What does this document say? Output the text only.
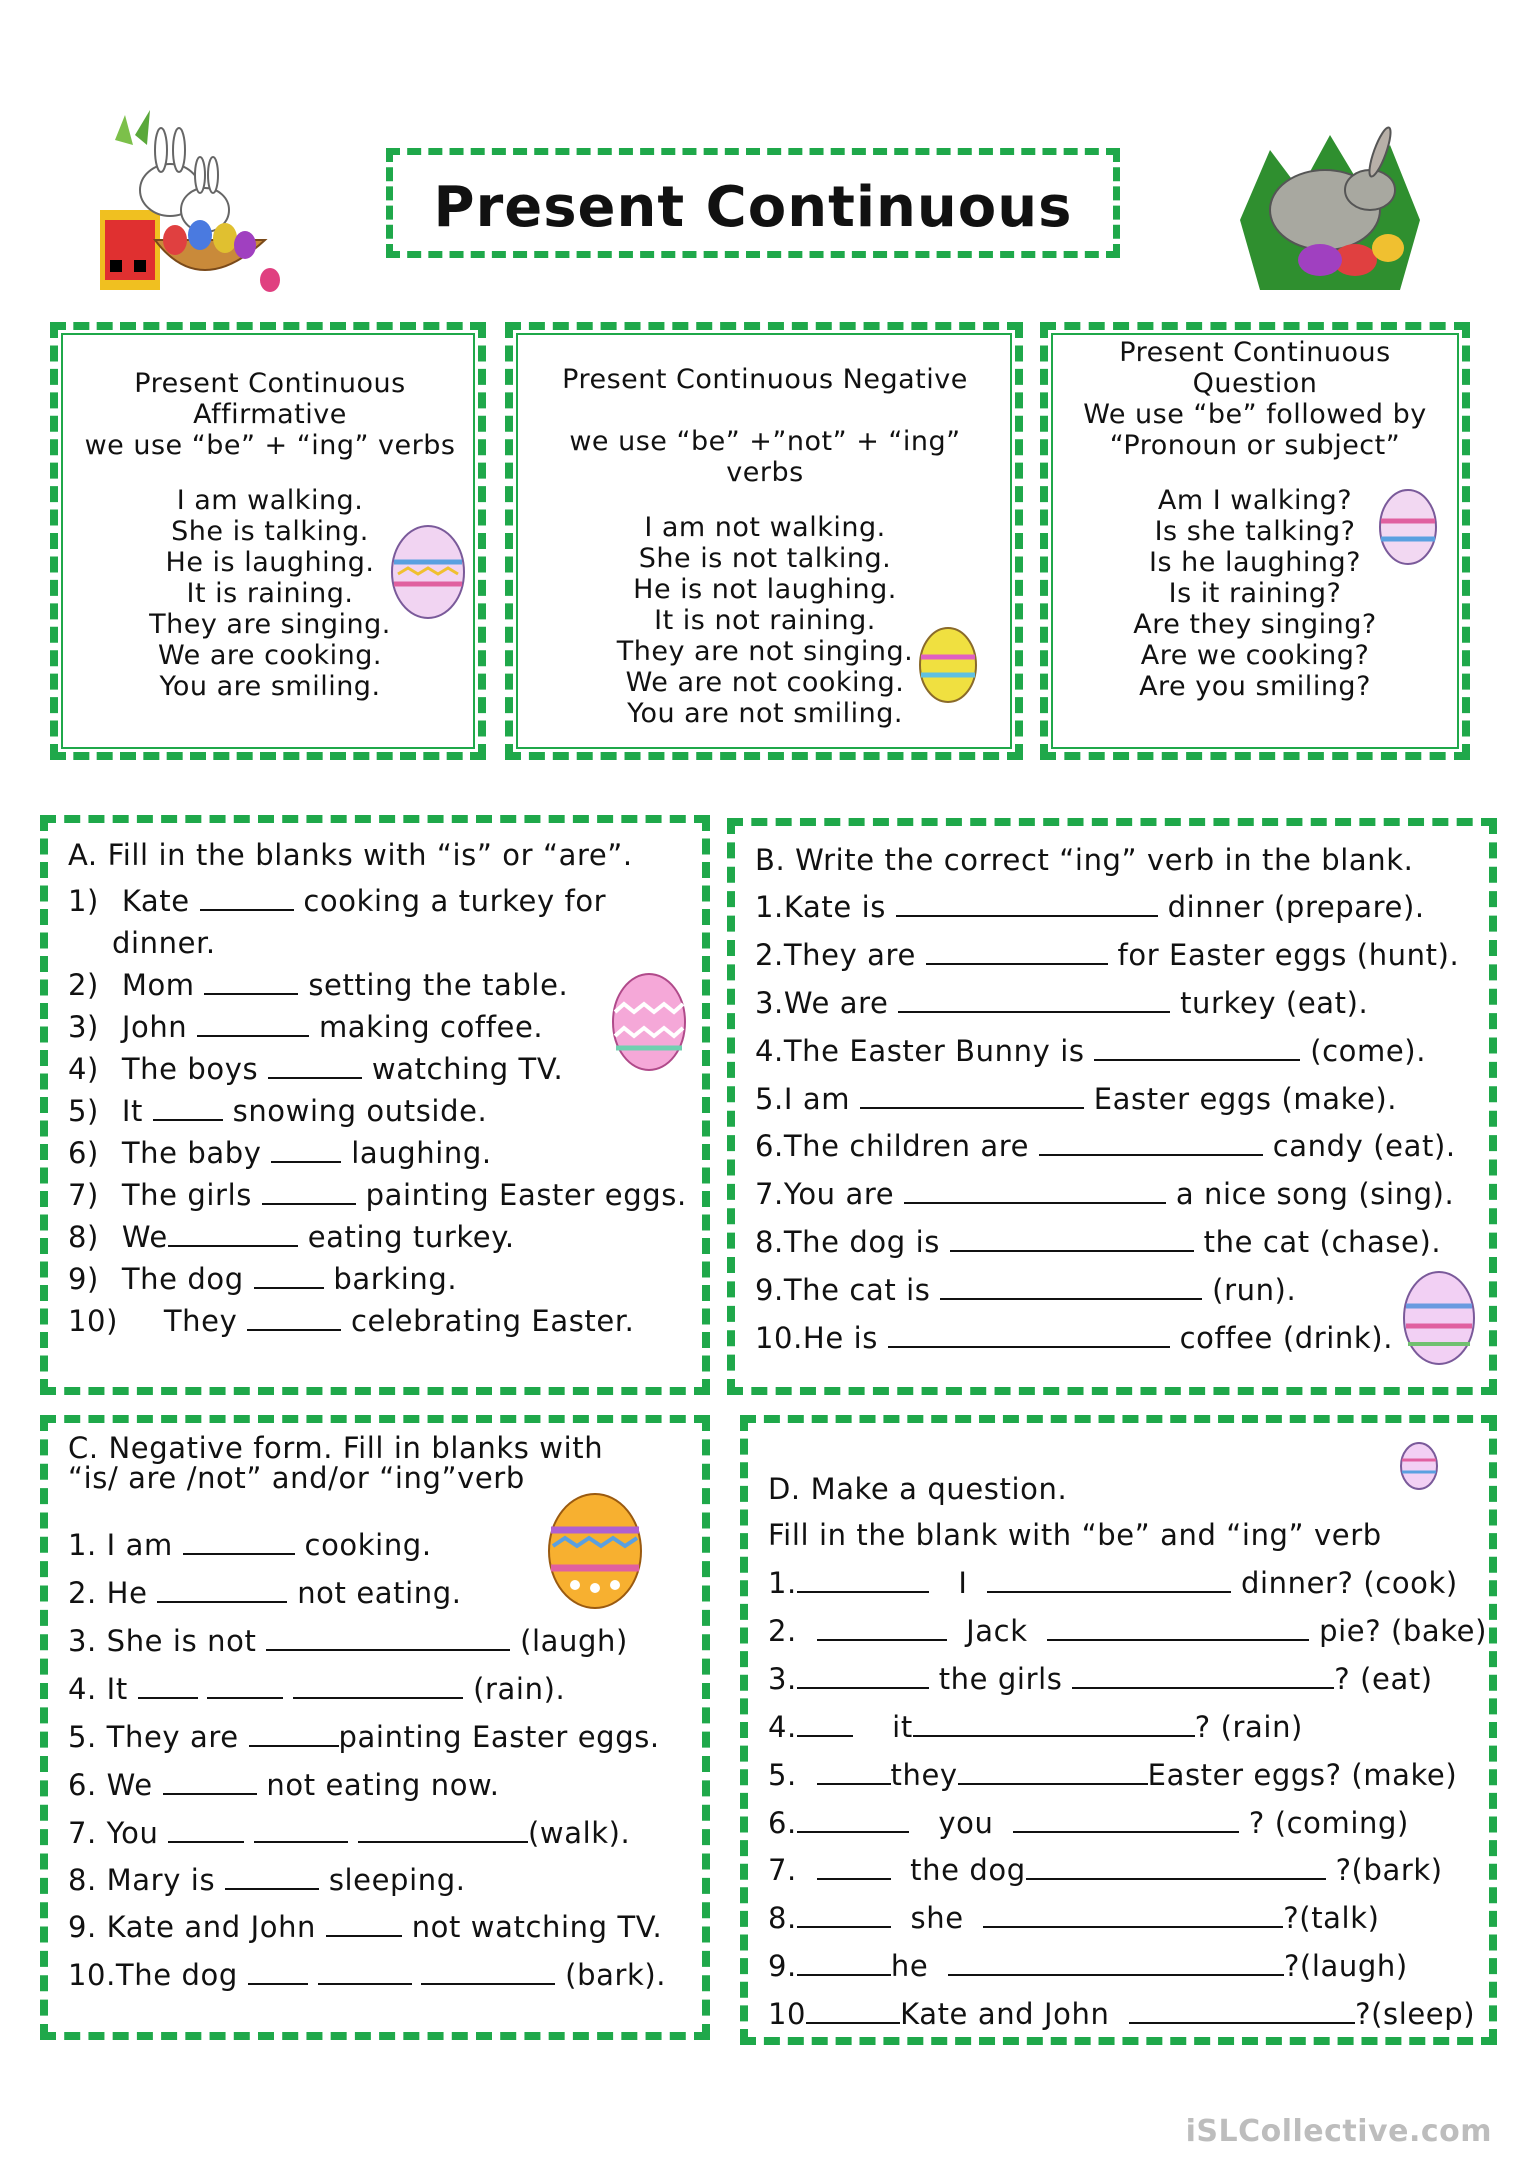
Present Continuous
Present Continuous
Affirmative
we use “be” + “ing” verbs
I am walking.
She is talking.
He is laughing.
It is raining.
They are singing.
We are cooking.
You are smiling.
Present Continuous Negative
we use “be” +”not” + “ing” verbs
I am not walking.
She is not talking.
He is not laughing.
It is not raining.
They are not singing.
We are not cooking.
You are not smiling.
Present Continuous
Question
We use “be” followed by
“Pronoun or subject”
Am I walking?
Is she talking?
Is he laughing?
Is it raining?
Are they singing?
Are we cooking?
Are you smiling?
A. Fill in the blanks with “is” or “are”.
1) Kate	cooking a turkey for
dinner.
2) Mom	setting the table.
3) John	making coffee.
4) The boys	watching TV.
5) It	snowing outside.
6) The baby	laughing.
7) The girls	painting Easter eggs.
8) We	eating turkey.
9) The dog	barking.
10) They	celebrating Easter.
B. Write the correct “ing” verb in the blank.
1.Kate is	dinner (prepare).
2.They are	for Easter eggs (hunt).
3.We are	turkey (eat).
4.The Easter Bunny is	(come).
5.I am	Easter eggs (make).
6.The children are	candy (eat).
7.You are	a nice song (sing).
8.The dog is	the cat (chase).
9.The cat is	(run).
10.He is	coffee (drink).
C. Negative form. Fill in blanks with
“is/ are /not” and/or “ing”verb
1. I am	cooking.
2. He	not eating.
3. She is not	(laugh)
4. It	(rain).
5. They are	painting Easter eggs.
6. We	not eating now.
7. You	(walk).
8. Mary is	sleeping.
9. Kate and John	not watching TV.
10.The dog	(bark).
D. Make a question.
Fill in the blank with “be” and “ing” verb
1.	I	dinner? (cook)
2.	Jack	pie? (bake)
3.	the girls	? (eat)
4.	it	? (rain)
5.	they	Easter eggs? (make)
6.	you	? (coming)
7.	the dog	?(bark)
8.	she	?(talk)
9.	he	?(laugh)
10	Kate and John	?(sleep)
iSLCollective.com
